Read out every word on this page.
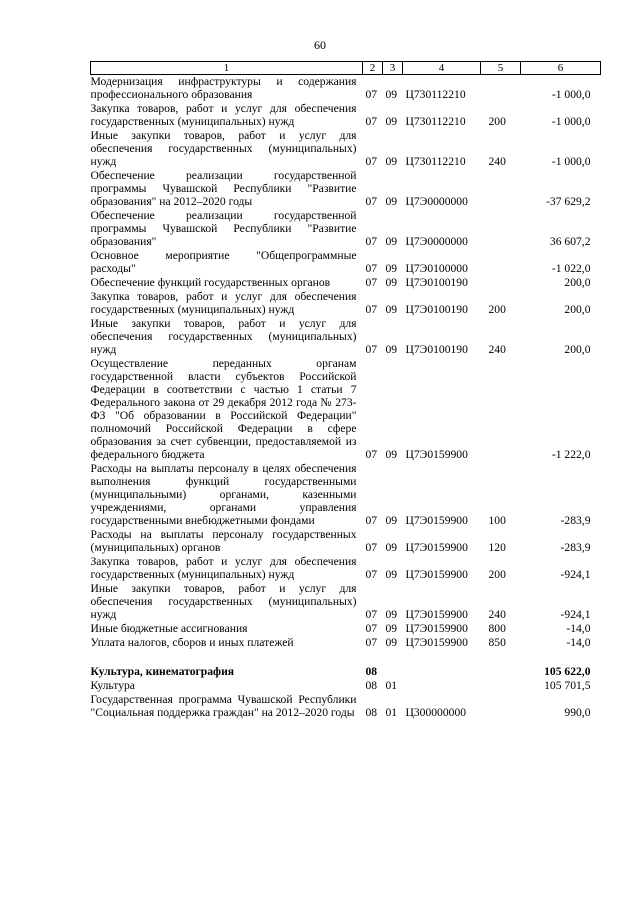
60
1	2	3	4	5	6
Модернизация инфраструктуры и содержания профессионального образования	07	09	Ц730112210		-1 000,0
Закупка товаров, работ и услуг для обеспечения государственных (муниципальных) нужд	07	09	Ц730112210	200	-1 000,0
Иные закупки товаров, работ и услуг для обеспечения государственных (муниципальных) нужд	07	09	Ц730112210	240	-1 000,0
Обеспечение реализации государственной программы Чувашской Республики "Развитие образования" на 2012–2020 годы	07	09	Ц7Э0000000		-37 629,2
Обеспечение реализации государственной программы Чувашской Республики "Развитие образования"	07	09	Ц7Э0000000		36 607,2
Основное мероприятие "Общепрограммные расходы"	07	09	Ц7Э0100000		-1 022,0
Обеспечение функций государственных органов	07	09	Ц7Э0100190		200,0
Закупка товаров, работ и услуг для обеспечения государственных (муниципальных) нужд	07	09	Ц7Э0100190	200	200,0
Иные закупки товаров, работ и услуг для обеспечения государственных (муниципальных) нужд	07	09	Ц7Э0100190	240	200,0
Осуществление переданных органам государственной власти субъектов Российской Федерации в соответствии с частью 1 статьи 7 Федерального закона от 29 декабря 2012 года № 273-ФЗ "Об образовании в Российской Федерации" полномочий Российской Федерации в сфере образования за счет субвенции, предоставляемой из федерального бюджета	07	09	Ц7Э0159900		-1 222,0
Расходы на выплаты персоналу в целях обеспечения выполнения функций государственными (муниципальными) органами, казенными учреждениями, органами управления государственными внебюджетными фондами	07	09	Ц7Э0159900	100	-283,9
Расходы на выплаты персоналу государственных (муниципальных) органов	07	09	Ц7Э0159900	120	-283,9
Закупка товаров, работ и услуг для обеспечения государственных (муниципальных) нужд	07	09	Ц7Э0159900	200	-924,1
Иные закупки товаров, работ и услуг для обеспечения государственных (муниципальных) нужд	07	09	Ц7Э0159900	240	-924,1
Иные бюджетные ассигнования	07	09	Ц7Э0159900	800	-14,0
Уплата налогов, сборов и иных платежей	07	09	Ц7Э0159900	850	-14,0

Культура, кинематография	08				105 622,0
Культура	08	01			105 701,5
Государственная программа Чувашской Республики "Социальная поддержка граждан" на 2012–2020 годы	08	01	Ц300000000		990,0
